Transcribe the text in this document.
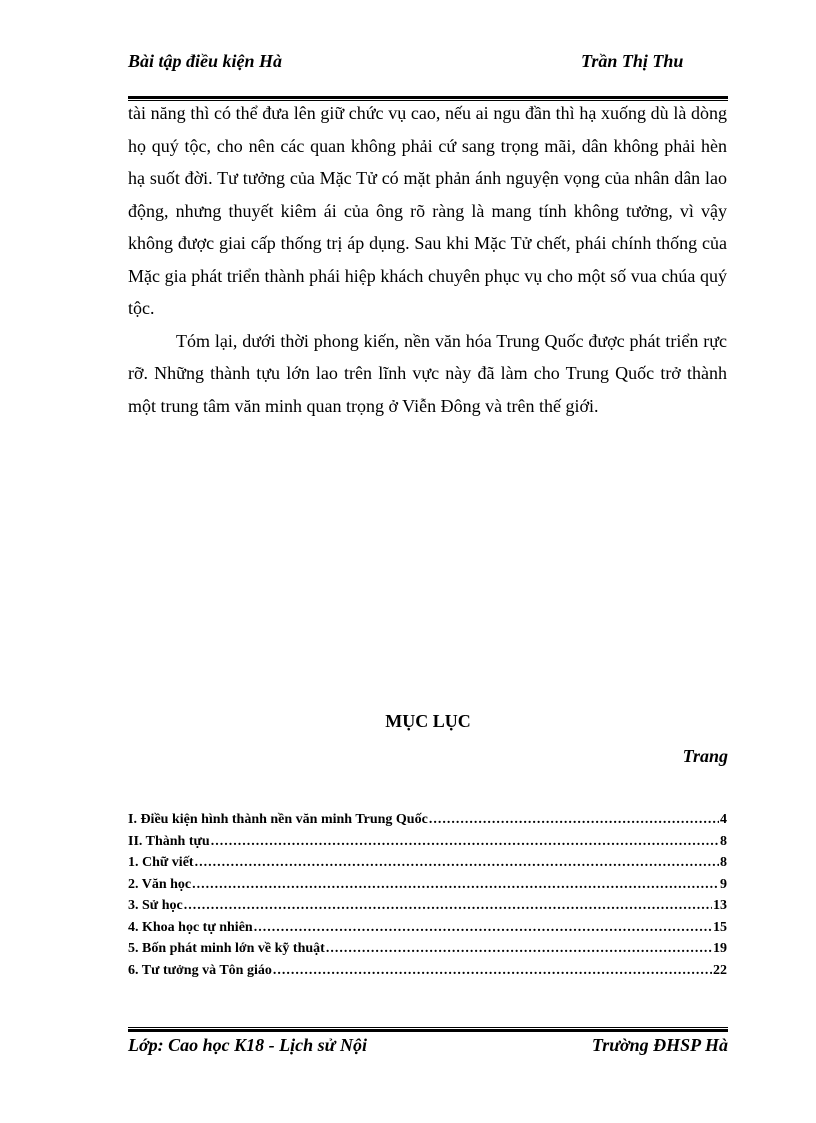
Bài tập điều kiện Hà	Trần Thị Thu

tài năng thì có thể đưa lên giữ chức vụ cao, nếu ai ngu đần thì hạ xuống dù là dòng họ quý tộc, cho nên các quan không phải cứ sang trọng mãi, dân không phải hèn hạ suốt đời. Tư tưởng của Mặc Tử có mặt phản ánh nguyện vọng của nhân dân lao động, nhưng thuyết kiêm ái của ông rõ ràng là mang tính không tưởng, vì vậy không được giai cấp thống trị áp dụng. Sau khi Mặc Tử chết, phái chính thống của Mặc gia phát triển thành phái hiệp khách chuyên phục vụ cho một số vua chúa quý tộc.

Tóm lại, dưới thời phong kiến, nền văn hóa Trung Quốc được phát triển rực rỡ. Những thành tựu lớn lao trên lĩnh vực này đã làm cho Trung Quốc trở thành một trung tâm văn minh quan trọng ở Viễn Đông và trên thế giới.

MỤC LỤC
Trang
I. Điều kiện hình thành nền văn minh Trung Quốc .....	4
II. Thành tựu .....	8
1. Chữ viết .....	8
2. Văn học .....	9
3. Sử học .....	13
4. Khoa học tự nhiên .....	15
5. Bốn phát minh lớn về kỹ thuật .....	19
6. Tư tưởng và Tôn giáo .....	22
Lớp: Cao học K18 - Lịch sử Nội	Trường ĐHSP Hà
